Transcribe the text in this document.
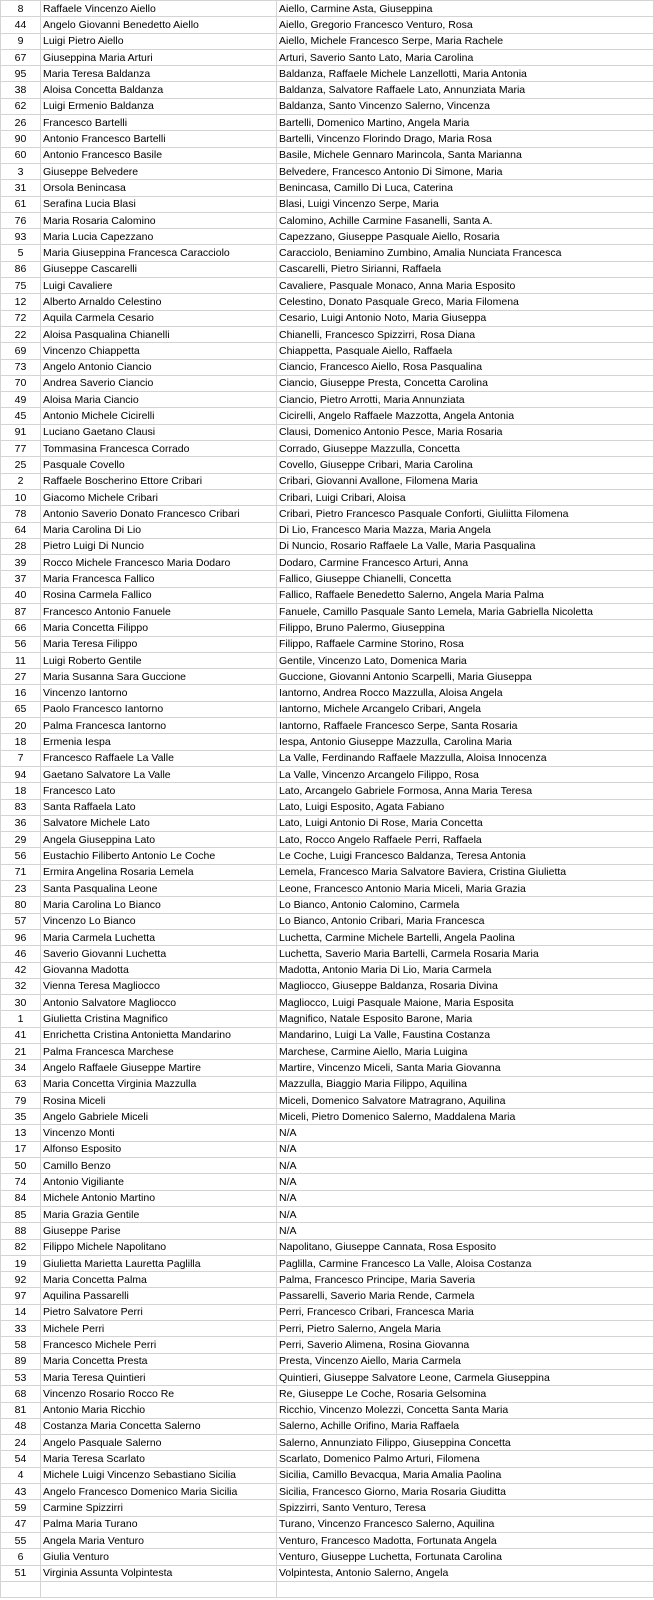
8	Raffaele Vincenzo Aiello	Aiello, Carmine Asta, Giuseppina
44	Angelo Giovanni Benedetto Aiello	Aiello, Gregorio Francesco Venturo, Rosa
9	Luigi Pietro Aiello	Aiello, Michele Francesco Serpe, Maria Rachele
67	Giuseppina Maria Arturi	Arturi, Saverio Santo Lato, Maria Carolina
95	Maria Teresa Baldanza	Baldanza, Raffaele Michele Lanzellotti, Maria Antonia
38	Aloisa Concetta Baldanza	Baldanza, Salvatore Raffaele Lato, Annunziata Maria
62	Luigi Ermenio Baldanza	Baldanza, Santo Vincenzo Salerno, Vincenza
26	Francesco Bartelli	Bartelli, Domenico Martino, Angela Maria
90	Antonio Francesco Bartelli	Bartelli, Vincenzo Florindo Drago, Maria Rosa
60	Antonio Francesco Basile	Basile, Michele Gennaro Marincola, Santa Marianna
3	Giuseppe Belvedere	Belvedere, Francesco Antonio Di Simone, Maria
31	Orsola Benincasa	Benincasa, Camillo Di Luca, Caterina
61	Serafina Lucia Blasi	Blasi, Luigi Vincenzo Serpe, Maria
76	Maria Rosaria Calomino	Calomino, Achille Carmine Fasanelli, Santa A.
93	Maria Lucia Capezzano	Capezzano, Giuseppe Pasquale Aiello, Rosaria
5	Maria Giuseppina Francesca Caracciolo	Caracciolo, Beniamino Zumbino, Amalia Nunciata Francesca
86	Giuseppe Cascarelli	Cascarelli, Pietro Sirianni, Raffaela
75	Luigi Cavaliere	Cavaliere, Pasquale Monaco, Anna Maria Esposito
12	Alberto Arnaldo Celestino	Celestino, Donato Pasquale Greco, Maria Filomena
72	Aquila Carmela Cesario	Cesario, Luigi Antonio Noto, Maria Giuseppa
22	Aloisa Pasqualina Chianelli	Chianelli, Francesco Spizzirri, Rosa Diana
69	Vincenzo Chiappetta	Chiappetta, Pasquale Aiello, Raffaela
73	Angelo Antonio Ciancio	Ciancio, Francesco Aiello, Rosa Pasqualina
70	Andrea Saverio Ciancio	Ciancio, Giuseppe Presta, Concetta Carolina
49	Aloisa Maria Ciancio	Ciancio, Pietro Arrotti, Maria Annunziata
45	Antonio Michele Cicirelli	Cicirelli, Angelo Raffaele Mazzotta, Angela Antonia
91	Luciano Gaetano Clausi	Clausi, Domenico Antonio Pesce, Maria Rosaria
77	Tommasina Francesca Corrado	Corrado, Giuseppe Mazzulla, Concetta
25	Pasquale Covello	Covello, Giuseppe Cribari, Maria Carolina
2	Raffaele Boscherino Ettore Cribari	Cribari, Giovanni Avallone, Filomena Maria
10	Giacomo Michele Cribari	Cribari, Luigi Cribari, Aloisa
78	Antonio Saverio Donato Francesco Cribari	Cribari, Pietro Francesco Pasquale Conforti, Giuliitta Filomena
64	Maria Carolina Di Lio	Di Lio, Francesco Maria Mazza, Maria Angela
28	Pietro Luigi Di Nuncio	Di Nuncio, Rosario Raffaele La Valle, Maria Pasqualina
39	Rocco Michele Francesco Maria Dodaro	Dodaro, Carmine Francesco Arturi, Anna
37	Maria Francesca Fallico	Fallico, Giuseppe Chianelli, Concetta
40	Rosina Carmela Fallico	Fallico, Raffaele Benedetto Salerno, Angela Maria Palma
87	Francesco Antonio Fanuele	Fanuele, Camillo Pasquale Santo Lemela, Maria Gabriella Nicoletta
66	Maria Concetta Filippo	Filippo, Bruno Palermo, Giuseppina
56	Maria Teresa Filippo	Filippo, Raffaele Carmine Storino, Rosa
11	Luigi Roberto Gentile	Gentile, Vincenzo Lato, Domenica Maria
27	Maria Susanna Sara Guccione	Guccione, Giovanni Antonio Scarpelli, Maria Giuseppa
16	Vincenzo Iantorno	Iantorno, Andrea Rocco Mazzulla, Aloisa Angela
65	Paolo Francesco Iantorno	Iantorno, Michele Arcangelo Cribari, Angela
20	Palma Francesca Iantorno	Iantorno, Raffaele Francesco Serpe, Santa Rosaria
18	Ermenia Iespa	Iespa, Antonio Giuseppe Mazzulla, Carolina Maria
7	Francesco Raffaele La Valle	La Valle, Ferdinando Raffaele Mazzulla, Aloisa Innocenza
94	Gaetano Salvatore La Valle	La Valle, Vincenzo Arcangelo Filippo, Rosa
18	Francesco Lato	Lato, Arcangelo Gabriele Formosa, Anna Maria Teresa
83	Santa Raffaela Lato	Lato, Luigi Esposito, Agata Fabiano
36	Salvatore Michele Lato	Lato, Luigi Antonio Di Rose, Maria Concetta
29	Angela Giuseppina Lato	Lato, Rocco Angelo Raffaele Perri, Raffaela
56	Eustachio Filiberto Antonio Le Coche	Le Coche, Luigi Francesco Baldanza, Teresa Antonia
71	Ermira Angelina Rosaria Lemela	Lemela, Francesco Maria Salvatore Baviera, Cristina Giulietta
23	Santa Pasqualina Leone	Leone, Francesco Antonio Maria Miceli, Maria Grazia
80	Maria Carolina Lo Bianco	Lo Bianco, Antonio Calomino, Carmela
57	Vincenzo Lo Bianco	Lo Bianco, Antonio Cribari, Maria Francesca
96	Maria Carmela Luchetta	Luchetta, Carmine Michele Bartelli, Angela Paolina
46	Saverio Giovanni Luchetta	Luchetta, Saverio Maria Bartelli, Carmela Rosaria Maria
42	Giovanna Madotta	Madotta, Antonio Maria Di Lio, Maria Carmela
32	Vienna Teresa Magliocco	Magliocco, Giuseppe Baldanza, Rosaria Divina
30	Antonio Salvatore Magliocco	Magliocco, Luigi Pasquale Maione, Maria Esposita
1	Giulietta Cristina Magnifico	Magnifico, Natale Esposito Barone, Maria
41	Enrichetta Cristina Antonietta Mandarino	Mandarino, Luigi La Valle, Faustina Costanza
21	Palma Francesca Marchese	Marchese, Carmine Aiello, Maria Luigina
34	Angelo Raffaele Giuseppe Martire	Martire, Vincenzo Miceli, Santa Maria Giovanna
63	Maria Concetta Virginia Mazzulla	Mazzulla, Biaggio Maria Filippo, Aquilina
79	Rosina Miceli	Miceli, Domenico Salvatore Matragrano, Aquilina
35	Angelo Gabriele Miceli	Miceli, Pietro Domenico Salerno, Maddalena Maria
13	Vincenzo Monti	N/A
17	Alfonso Esposito	N/A
50	Camillo Benzo	N/A
74	Antonio Vigiliante	N/A
84	Michele Antonio Martino	N/A
85	Maria Grazia Gentile	N/A
88	Giuseppe Parise	N/A
82	Filippo Michele Napolitano	Napolitano, Giuseppe Cannata, Rosa Esposito
19	Giulietta Marietta Lauretta Paglilla	Paglilla, Carmine Francesco La Valle, Aloisa Costanza
92	Maria Concetta Palma	Palma, Francesco Principe, Maria Saveria
97	Aquilina Passarelli	Passarelli, Saverio Maria Rende, Carmela
14	Pietro Salvatore Perri	Perri, Francesco Cribari, Francesca Maria
33	Michele Perri	Perri, Pietro Salerno, Angela Maria
58	Francesco Michele Perri	Perri, Saverio Alimena, Rosina Giovanna
89	Maria Concetta Presta	Presta, Vincenzo Aiello, Maria Carmela
53	Maria Teresa Quintieri	Quintieri, Giuseppe Salvatore Leone, Carmela Giuseppina
68	Vincenzo Rosario Rocco Re	Re, Giuseppe Le Coche, Rosaria Gelsomina
81	Antonio Maria Ricchio	Ricchio, Vincenzo Molezzi, Concetta Santa Maria
48	Costanza Maria Concetta Salerno	Salerno, Achille Orifino, Maria Raffaela
24	Angelo Pasquale Salerno	Salerno, Annunziato Filippo, Giuseppina Concetta
54	Maria Teresa Scarlato	Scarlato, Domenico Palmo Arturi, Filomena
4	Michele Luigi Vincenzo Sebastiano Sicilia	Sicilia, Camillo Bevacqua, Maria Amalia Paolina
43	Angelo Francesco Domenico Maria Sicilia	Sicilia, Francesco Giorno, Maria Rosaria Giuditta
59	Carmine Spizzirri	Spizzirri, Santo Venturo, Teresa
47	Palma Maria Turano	Turano, Vincenzo Francesco Salerno, Aquilina
55	Angela Maria Venturo	Venturo, Francesco Madotta, Fortunata Angela
6	Giulia Venturo	Venturo, Giuseppe Luchetta, Fortunata Carolina
51	Virginia Assunta Volpintesta	Volpintesta, Antonio Salerno, Angela
